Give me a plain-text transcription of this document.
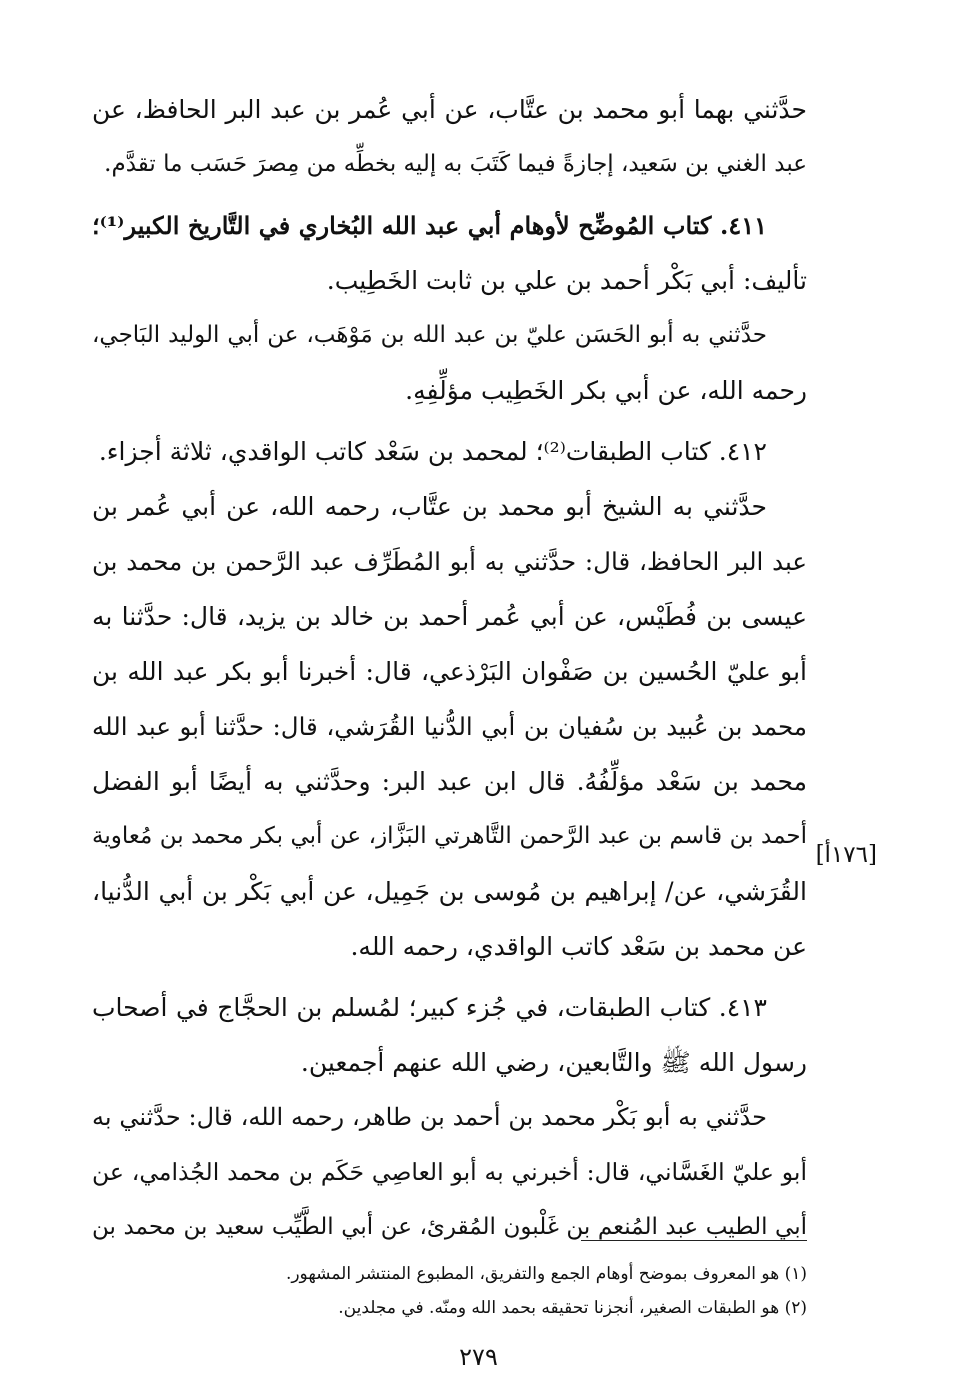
حدَّثني بهما أبو محمد بن عتَّاب، عن أبي عُمر بن عبد البر الحافظ، عن
عبد الغني بن سَعيد، إجازةً فيما كَتَبَ به إليه بخطِّه من مِصرَ حَسَب ما تقدَّم.
٤١١. كتاب المُوضِّح لأوهام أبي عبد الله البُخاري في التَّاريخ الكبير⁽¹⁾؛
تأليف: أبي بَكْر أحمد بن علي بن ثابت الخَطِيب.
حدَّثني به أبو الحَسَن عليّ بن عبد الله بن مَوْهَب، عن أبي الوليد البَاجي،
رحمه الله، عن أبي بكر الخَطِيب مؤلِّفِهِ.
٤١٢. كتاب الطبقات⁽²⁾؛ لمحمد بن سَعْد كاتب الواقدي، ثلاثة أجزاء.
حدَّثني به الشيخ أبو محمد بن عتَّاب، رحمه الله، عن أبي عُمر بن
عبد البر الحافظ، قال: حدَّثني به أبو المُطَرِّف عبد الرَّحمن بن محمد بن
عيسى بن فُطَيْس، عن أبي عُمر أحمد بن خالد بن يزيد، قال: حدَّثنا به
أبو عليّ الحُسين بن صَفْوان البَرْذعي، قال: أخبرنا أبو بكر عبد الله بن
محمد بن عُبيد بن سُفيان بن أبي الدُّنيا القُرَشي، قال: حدَّثنا أبو عبد الله
محمد بن سَعْد مؤلِّفُهُ. قال ابن عبد البر: وحدَّثني به أيضًا أبو الفضل
أحمد بن قاسم بن عبد الرَّحمن التَّاهرتي البَزَّاز، عن أبي بكر محمد بن مُعاوية
القُرَشي، عن/ إبراهيم بن مُوسى بن جَمِيل، عن أبي بَكْر بن أبي الدُّنيا،
عن محمد بن سَعْد كاتب الواقدي، رحمه الله.
٤١٣. كتاب الطبقات، في جُزء كبير؛ لمُسلم بن الحجَّاج في أصحاب
رسول الله ﷺ والتَّابعين، رضي الله عنهم أجمعين.
حدَّثني به أبو بَكْر محمد بن أحمد بن طاهر، رحمه الله، قال: حدَّثني به
أبو عليّ الغَسَّاني، قال: أخبرني به أبو العاصِي حَكَم بن محمد الجُذامي، عن
أبي الطيب عبد المُنعم بن غَلْبون المُقرئ، عن أبي الطَّيِّب سعيد بن محمد بن
[١٧٦أ]
(١) هو المعروف بموضح أوهام الجمع والتفريق، المطبوع المنتشر المشهور.
(٢) هو الطبقات الصغير، أنجزنا تحقيقه بحمد الله ومنّه. في مجلدين.
٢٧٩
